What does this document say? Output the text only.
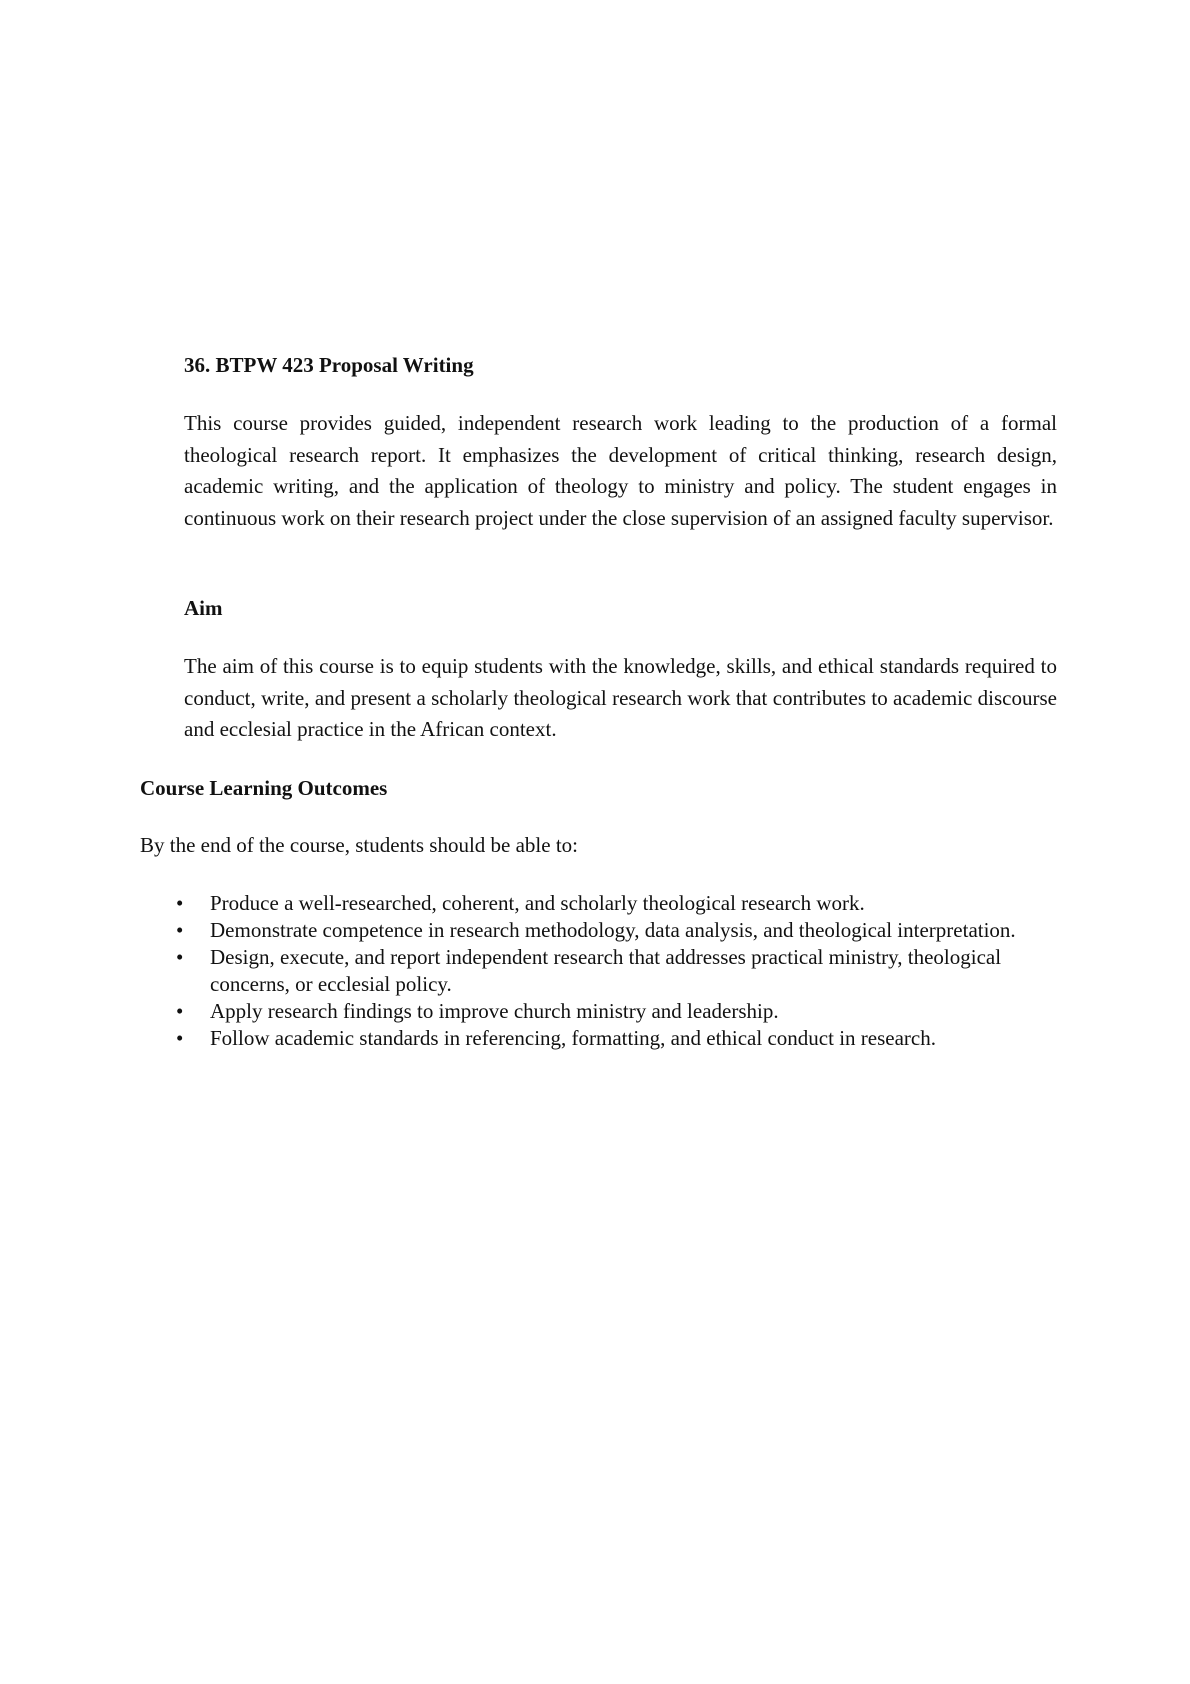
36. BTPW 423 Proposal Writing

This course provides guided, independent research work leading to the production of a formal theological research report. It emphasizes the development of critical thinking, research design, academic writing, and the application of theology to ministry and policy. The student engages in continuous work on their research project under the close supervision of an assigned faculty supervisor.

Aim

The aim of this course is to equip students with the knowledge, skills, and ethical standards required to conduct, write, and present a scholarly theological research work that contributes to academic discourse and ecclesial practice in the African context.

Course Learning Outcomes

By the end of the course, students should be able to:

• Produce a well-researched, coherent, and scholarly theological research work.
• Demonstrate competence in research methodology, data analysis, and theological interpretation.
• Design, execute, and report independent research that addresses practical ministry, theological concerns, or ecclesial policy.
• Apply research findings to improve church ministry and leadership.
• Follow academic standards in referencing, formatting, and ethical conduct in research.
